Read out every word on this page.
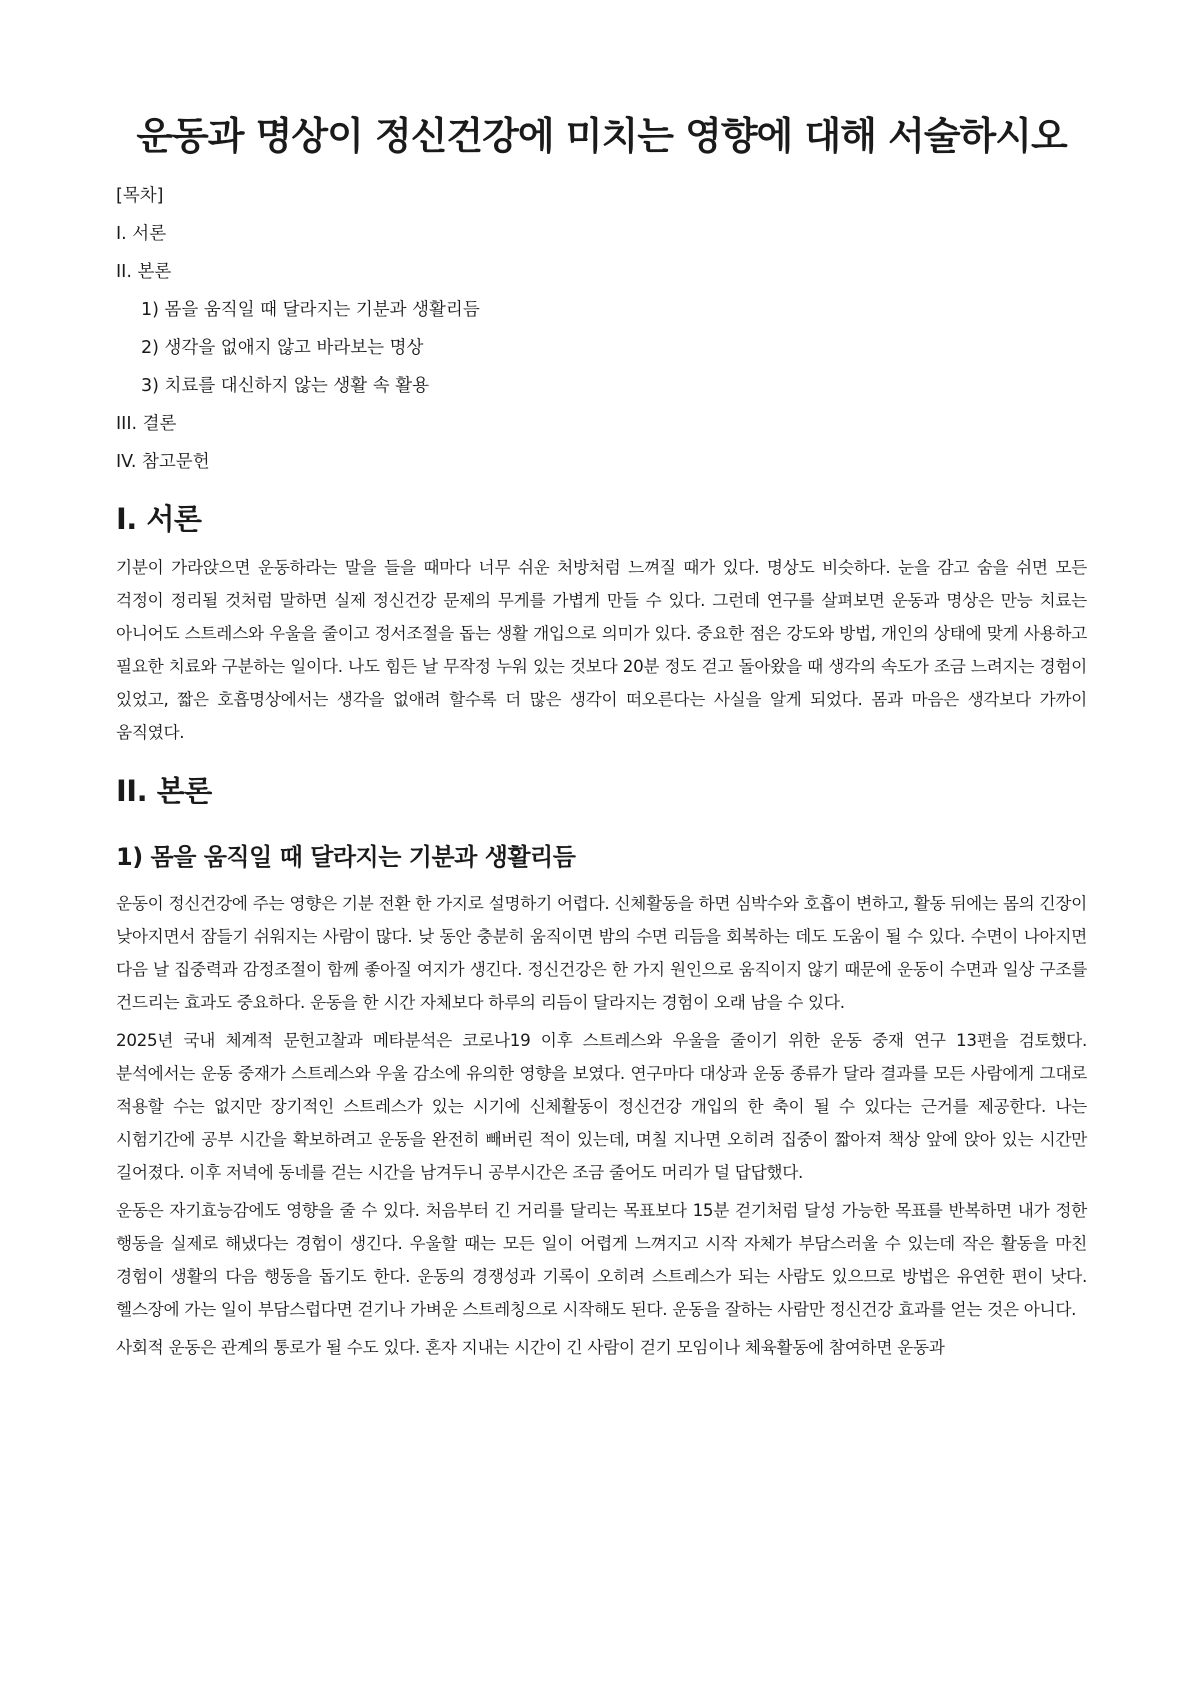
운동과 명상이 정신건강에 미치는 영향에 대해 서술하시오
[목차]
I. 서론
II. 본론
1) 몸을 움직일 때 달라지는 기분과 생활리듬
2) 생각을 없애지 않고 바라보는 명상
3) 치료를 대신하지 않는 생활 속 활용
III. 결론
IV. 참고문헌
I. 서론

기분이 가라앉으면 운동하라는 말을 들을 때마다 너무 쉬운 처방처럼 느껴질 때가 있다. 명상도 비슷하다. 눈을 감고 숨을 쉬면 모든 걱정이 정리될 것처럼 말하면 실제 정신건강 문제의 무게를 가볍게 만들 수 있다. 그런데 연구를 살펴보면 운동과 명상은 만능 치료는 아니어도 스트레스와 우울을 줄이고 정서조절을 돕는 생활 개입으로 의미가 있다. 중요한 점은 강도와 방법, 개인의 상태에 맞게 사용하고 필요한 치료와 구분하는 일이다. 나도 힘든 날 무작정 누워 있는 것보다 20분 정도 걷고 돌아왔을 때 생각의 속도가 조금 느려지는 경험이 있었고, 짧은 호흡명상에서는 생각을 없애려 할수록 더 많은 생각이 떠오른다는 사실을 알게 되었다. 몸과 마음은 생각보다 가까이 움직였다.

II. 본론
1) 몸을 움직일 때 달라지는 기분과 생활리듬

운동이 정신건강에 주는 영향은 기분 전환 한 가지로 설명하기 어렵다. 신체활동을 하면 심박수와 호흡이 변하고, 활동 뒤에는 몸의 긴장이 낮아지면서 잠들기 쉬워지는 사람이 많다. 낮 동안 충분히 움직이면 밤의 수면 리듬을 회복하는 데도 도움이 될 수 있다. 수면이 나아지면 다음 날 집중력과 감정조절이 함께 좋아질 여지가 생긴다. 정신건강은 한 가지 원인으로 움직이지 않기 때문에 운동이 수면과 일상 구조를 건드리는 효과도 중요하다. 운동을 한 시간 자체보다 하루의 리듬이 달라지는 경험이 오래 남을 수 있다.

2025년 국내 체계적 문헌고찰과 메타분석은 코로나19 이후 스트레스와 우울을 줄이기 위한 운동 중재 연구 13편을 검토했다. 분석에서는 운동 중재가 스트레스와 우울 감소에 유의한 영향을 보였다. 연구마다 대상과 운동 종류가 달라 결과를 모든 사람에게 그대로 적용할 수는 없지만 장기적인 스트레스가 있는 시기에 신체활동이 정신건강 개입의 한 축이 될 수 있다는 근거를 제공한다. 나는 시험기간에 공부 시간을 확보하려고 운동을 완전히 빼버린 적이 있는데, 며칠 지나면 오히려 집중이 짧아져 책상 앞에 앉아 있는 시간만 길어졌다. 이후 저녁에 동네를 걷는 시간을 남겨두니 공부시간은 조금 줄어도 머리가 덜 답답했다.

운동은 자기효능감에도 영향을 줄 수 있다. 처음부터 긴 거리를 달리는 목표보다 15분 걷기처럼 달성 가능한 목표를 반복하면 내가 정한 행동을 실제로 해냈다는 경험이 생긴다. 우울할 때는 모든 일이 어렵게 느껴지고 시작 자체가 부담스러울 수 있는데 작은 활동을 마친 경험이 생활의 다음 행동을 돕기도 한다. 운동의 경쟁성과 기록이 오히려 스트레스가 되는 사람도 있으므로 방법은 유연한 편이 낫다. 헬스장에 가는 일이 부담스럽다면 걷기나 가벼운 스트레칭으로 시작해도 된다. 운동을 잘하는 사람만 정신건강 효과를 얻는 것은 아니다.

사회적 운동은 관계의 통로가 될 수도 있다. 혼자 지내는 시간이 긴 사람이 걷기 모임이나 체육활동에 참여하면 운동과
